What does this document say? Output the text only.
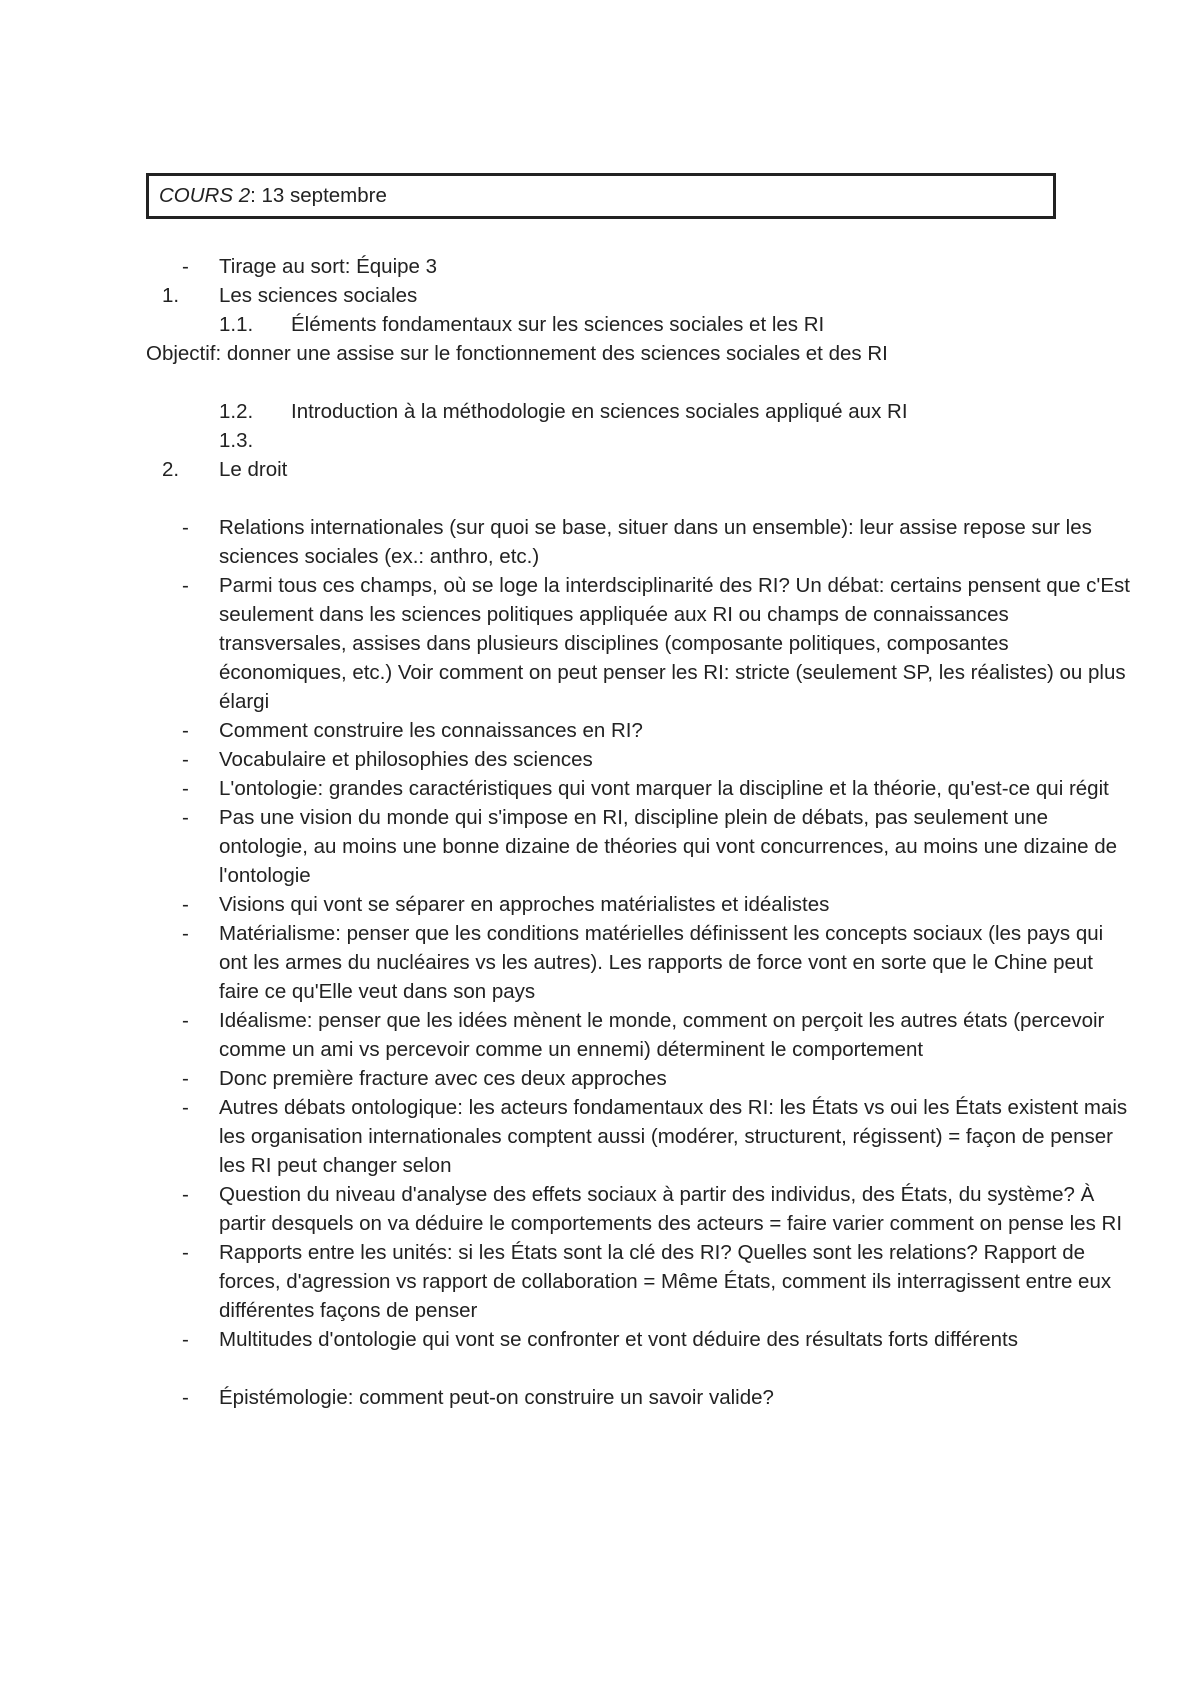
COURS 2: 13 septembre
- Tirage au sort: Équipe 3
1. Les sciences sociales
1.1. Éléments fondamentaux sur les sciences sociales et les RI
Objectif: donner une assise sur le fonctionnement des sciences sociales et des RI
1.2. Introduction à la méthodologie en sciences sociales appliqué aux RI
1.3.
2. Le droit
- Relations internationales (sur quoi se base, situer dans un ensemble): leur assise repose sur les sciences sociales (ex.: anthro, etc.)
- Parmi tous ces champs, où se loge la interdsciplinarité des RI? Un débat: certains pensent que c'Est seulement dans les sciences politiques appliquée aux RI ou champs de connaissances transversales, assises dans plusieurs disciplines (composante politiques, composantes économiques, etc.) Voir comment on peut penser les RI: stricte (seulement SP, les réalistes) ou plus élargi
- Comment construire les connaissances en RI?
- Vocabulaire et philosophies des sciences
- L'ontologie: grandes caractéristiques qui vont marquer la discipline et la théorie, qu'est-ce qui régit
- Pas une vision du monde qui s'impose en RI, discipline plein de débats, pas seulement une ontologie, au moins une bonne dizaine de théories qui vont concurrences, au moins une dizaine de l'ontologie
- Visions qui vont se séparer en approches matérialistes et idéalistes
- Matérialisme: penser que les conditions matérielles définissent les concepts sociaux (les pays qui ont les armes du nucléaires vs les autres). Les rapports de force vont en sorte que le Chine peut faire ce qu'Elle veut dans son pays
- Idéalisme: penser que les idées mènent le monde, comment on perçoit les autres états (percevoir comme un ami vs percevoir comme un ennemi) déterminent le comportement
- Donc première fracture avec ces deux approches
- Autres débats ontologique: les acteurs fondamentaux des RI: les États vs oui les États existent mais les organisation internationales comptent aussi (modérer, structurent, régissent) = façon de penser les RI peut changer selon
- Question du niveau d'analyse des effets sociaux à partir des individus, des États, du système? À partir desquels on va déduire le comportements des acteurs = faire varier comment on pense les RI
- Rapports entre les unités: si les États sont la clé des RI? Quelles sont les relations? Rapport de forces, d'agression vs rapport de collaboration = Même États, comment ils interragissent entre eux différentes façons de penser
- Multitudes d'ontologie qui vont se confronter et vont déduire des résultats forts différents
- Épistémologie: comment peut-on construire un savoir valide?
